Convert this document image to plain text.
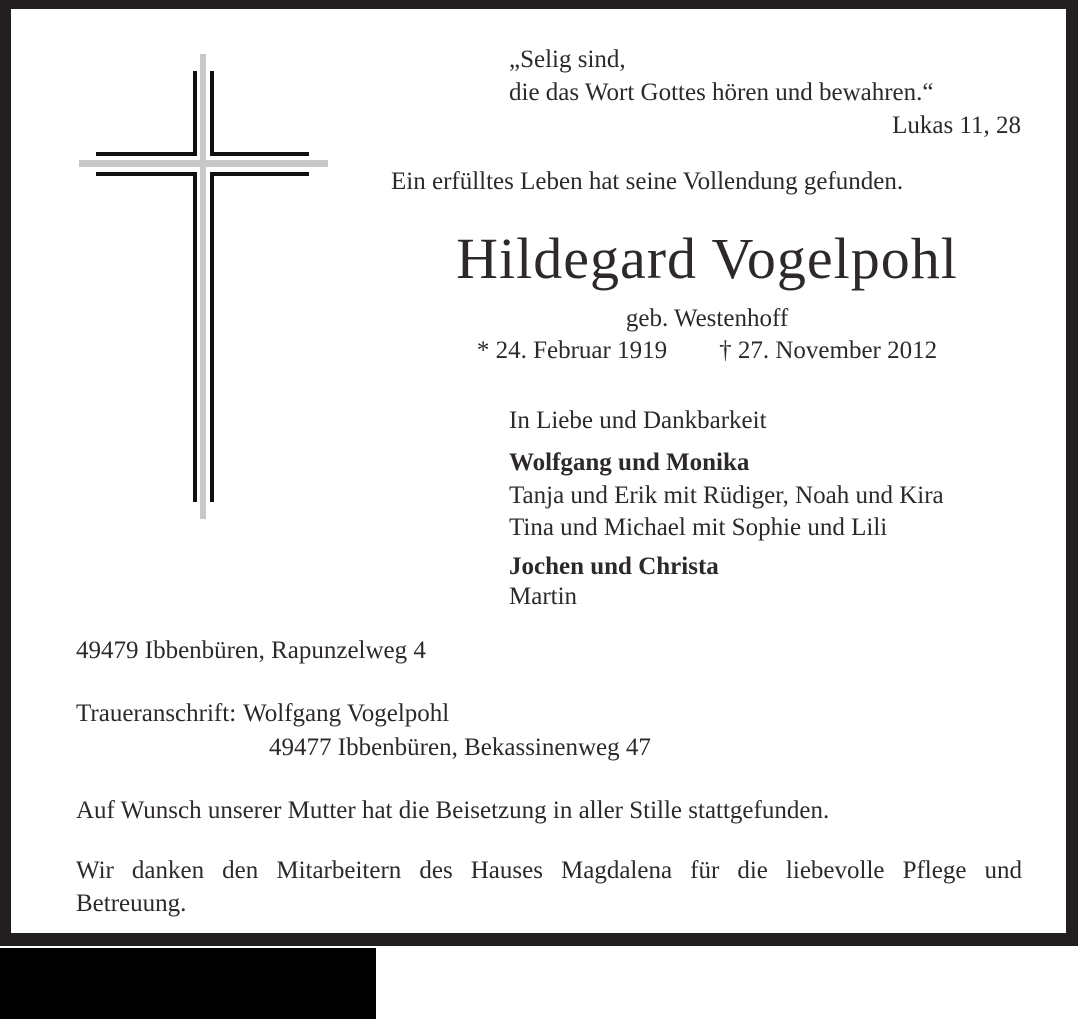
„Selig sind,
die das Wort Gottes hören und bewahren.“
Lukas 11, 28
Ein erfülltes Leben hat seine Vollendung gefunden.
Hildegard Vogelpohl
geb. Westenhoff
* 24. Februar 1919 † 27. November 2012
In Liebe und Dankbarkeit
Wolfgang und Monika
Tanja und Erik mit Rüdiger, Noah und Kira
Tina und Michael mit Sophie und Lili
Jochen und Christa
Martin
49479 Ibbenbüren, Rapunzelweg 4
Traueranschrift: Wolfgang Vogelpohl
49477 Ibbenbüren, Bekassinenweg 47
Auf Wunsch unserer Mutter hat die Beisetzung in aller Stille stattgefunden.
Wir danken den Mitarbeitern des Hauses Magdalena für die liebevolle Pflege und
Betreuung.
